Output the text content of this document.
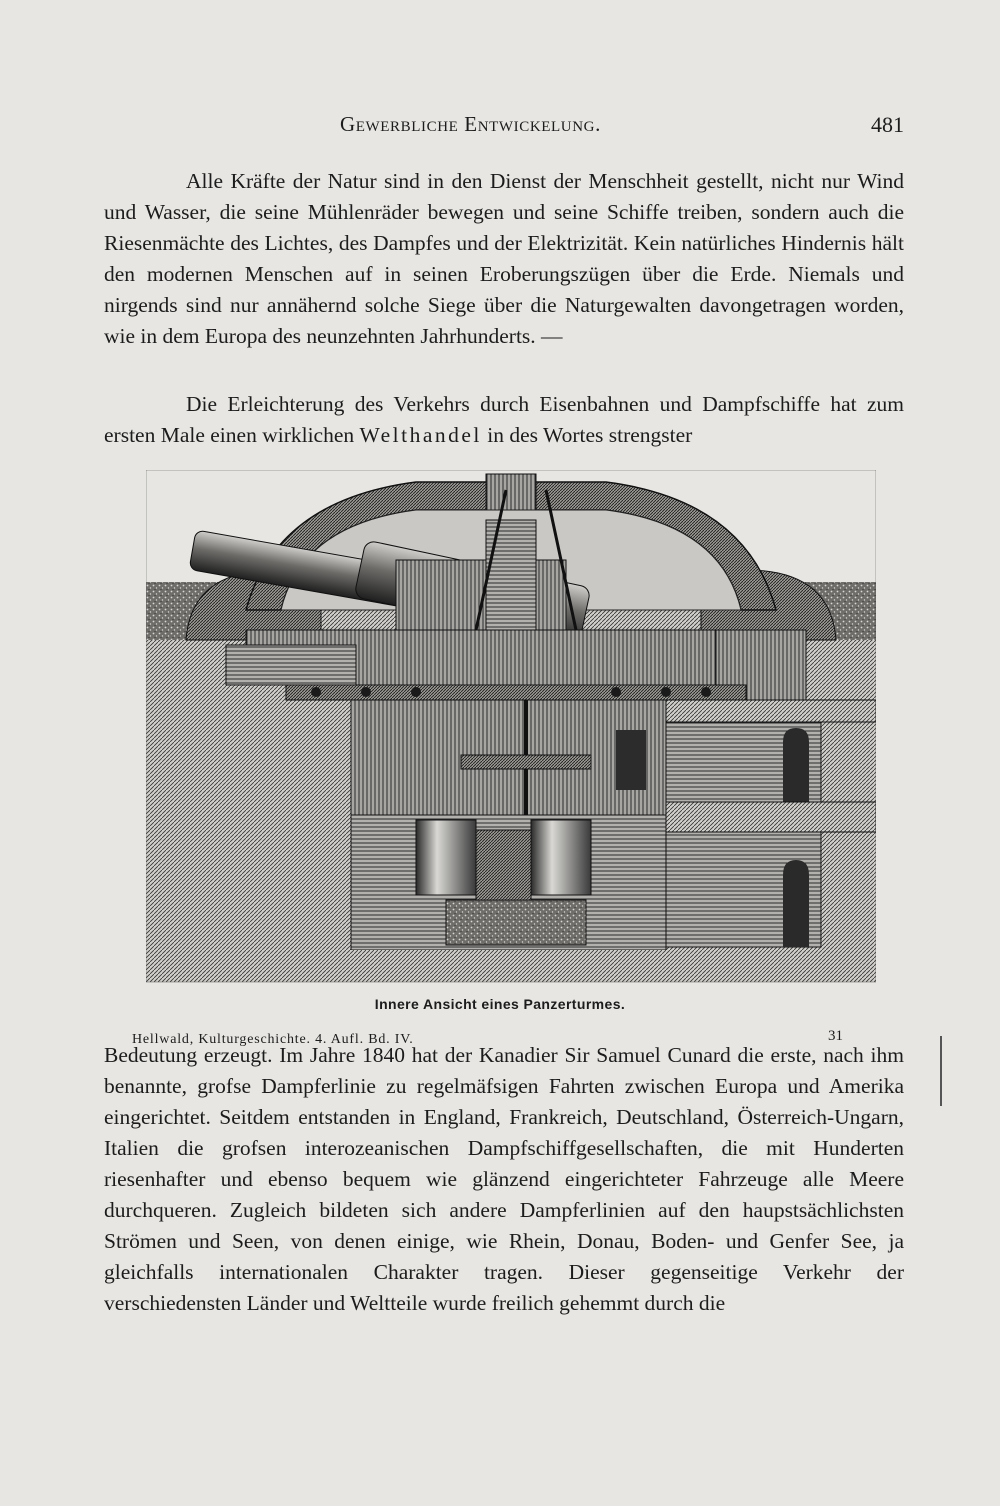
Gewerbliche Entwickelung.	481

Alle Kräfte der Natur sind in den Dienst der Menschheit gestellt, nicht nur Wind und Wasser, die seine Mühlenräder bewegen und seine Schiffe treiben, sondern auch die Riesenmächte des Lichtes, des Dampfes und der Elektrizität. Kein natürliches Hindernis hält den modernen Menschen auf in seinen Eroberungszügen über die Erde. Niemals und nirgends sind nur annähernd solche Siege über die Naturgewalten davongetragen worden, wie in dem Europa des neunzehnten Jahrhunderts. —

Die Erleichterung des Verkehrs durch Eisenbahnen und Dampfschiffe hat zum ersten Male einen wirklichen Welthandel in des Wortes strengster

Innere Ansicht eines Panzerturmes.

Bedeutung erzeugt. Im Jahre 1840 hat der Kanadier Sir Samuel Cunard die erste, nach ihm benannte, grofse Dampferlinie zu regelmäfsigen Fahrten zwischen Europa und Amerika eingerichtet. Seitdem entstanden in England, Frankreich, Deutschland, Österreich-Ungarn, Italien die grofsen interozeanischen Dampfschiffgesellschaften, die mit Hunderten riesenhafter und ebenso bequem wie glänzend eingerichteter Fahrzeuge alle Meere durchqueren. Zugleich bildeten sich andere Dampferlinien auf den haupstsächlichsten Strömen und Seen, von denen einige, wie Rhein, Donau, Boden- und Genfer See, ja gleichfalls internationalen Charakter tragen. Dieser gegenseitige Verkehr der verschiedensten Länder und Weltteile wurde freilich gehemmt durch die

Hellwald, Kulturgeschichte. 4. Aufl. Bd. IV.	31
